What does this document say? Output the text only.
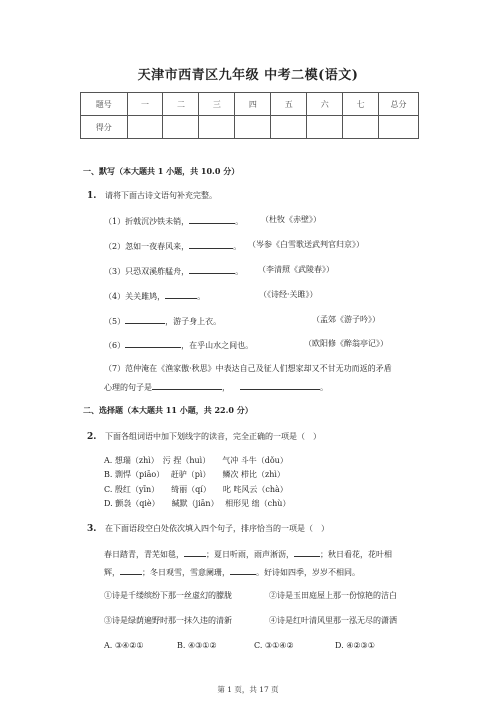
天津市西青区九年级 中考二模(语文)
题号	一	二	三	四	五	六	七	总分
得分								
一、默写（本大题共 1 小题，共 10.0 分）
1. 请将下面古诗文语句补充完整。
（1）折戟沉沙铁未销，	。 （杜牧《赤壁》）
（2）忽如一夜春风来，	。 （岑参《白雪歌送武判官归京》）
（3）只恐双溪舴艋舟，	。 （李清照《武陵春》）
（4）关关雎鸠，	。	（《诗经·关雎》）
（5）	，游子身上衣。	（孟郊《游子吟》）
（6）	，在乎山水之间也。	（欧阳修《醉翁亭记》）
（7）范仲淹在《渔家傲·秋思》中表达自己及征人们想家却又不甘无功而返的矛盾
心理的句子是	，	。
二、选择题（本大题共 11 小题，共 22.0 分）
2. 下面各组词语中加下划线字的读音，完全正确的一项是（　）
A. 想瑞（zhì）　污 捏（huì）　　气冲 斗牛（dǒu）
B. 剽悍（piāo）　 赶驴（pì）　　鳞次 栉比（zhì）
C. 殷红（yīn）　　绮丽（qí）　　叱 咤风云（chà）
D. 颤袅（qiè）　　缄默（jiān）　 相形见 绌（chù）
3. 在下面语段空白处依次填入四个句子，排序恰当的一项是（　）
春日踏青，青芜如毯，	；夏日听雨，雨声淅沥，	；秋日看花，花叶相
辉，	；冬日观雪，雪意阑珊，	。好诗如四季，岁岁不相同。
①诗是千缕缤纷下那一丝虚幻的朦胧	②诗是玉田庭屋上那一份惊艳的洁白
③诗是绿荫遍野时那一抹久违的清新	④诗是红叶清风里那一泓无尽的潇洒
A. ③④②①	B. ④③①②	C. ③①④②	D. ④②③①
第 1 页，共 17 页
